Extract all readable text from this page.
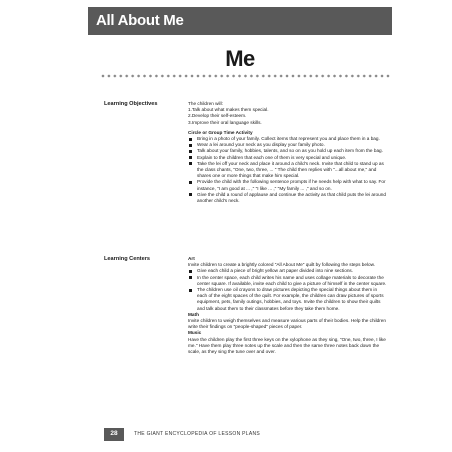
All About Me
Me
Learning Objectives	The children will:

1.Talk about what makes them special.

2.Develop their self-esteem.

3.Improve their oral language skills.

Circle or Group Time Activity

Bring in a photo of your family. Collect items that represent you and place them in a bag.
Wear a lei around your neck as you display your family photo.
Talk about your family, hobbies, talents, and so on as you hold up each item from the bag.
Explain to the children that each one of them is very special and unique.
Take the lei off your neck and place it around a child's neck. Invite that child to stand up as the class chants, "One, two, three, ... " The child then replies with "...all about me," and shares one or more things that make him special.
Provide the child with the following sentence prompts if he needs help with what to say. For instance, "I am good at ... ," "I like ... ," "My family ... ," and so on.
Give the child a round of applause and continue the activity as that child puts the lei around another child's neck.
Learning Centers	Art

Invite children to create a brightly colored "All About Me" quilt by following the steps below.

Give each child a piece of bright yellow art paper divided into nine sections.
In the center space, each child writes his name and uses collage materials to decorate the center square. If available, invite each child to give a picture of himself in the center square.
The children use oil crayons to draw pictures depicting the special things about them in each of the eight spaces of the quilt. For example, the children can draw pictures of sports equipment, pets, family outings, hobbies, and toys. Invite the children to show their quilts and talk about them to their classmates before they take them home.

Math

Invite children to weigh themselves and measure various parts of their bodies. Help the children write their findings on "people-shaped" pieces of paper.

Music

Have the children play the first three keys on the xylophone as they sing, "One, two, three, I like me." Have them play three notes up the scale and then the same three notes back down the scale, as they sing the tune over and over.

28	THE GIANT ENCYCLOPEDIA OF LESSON PLANS
